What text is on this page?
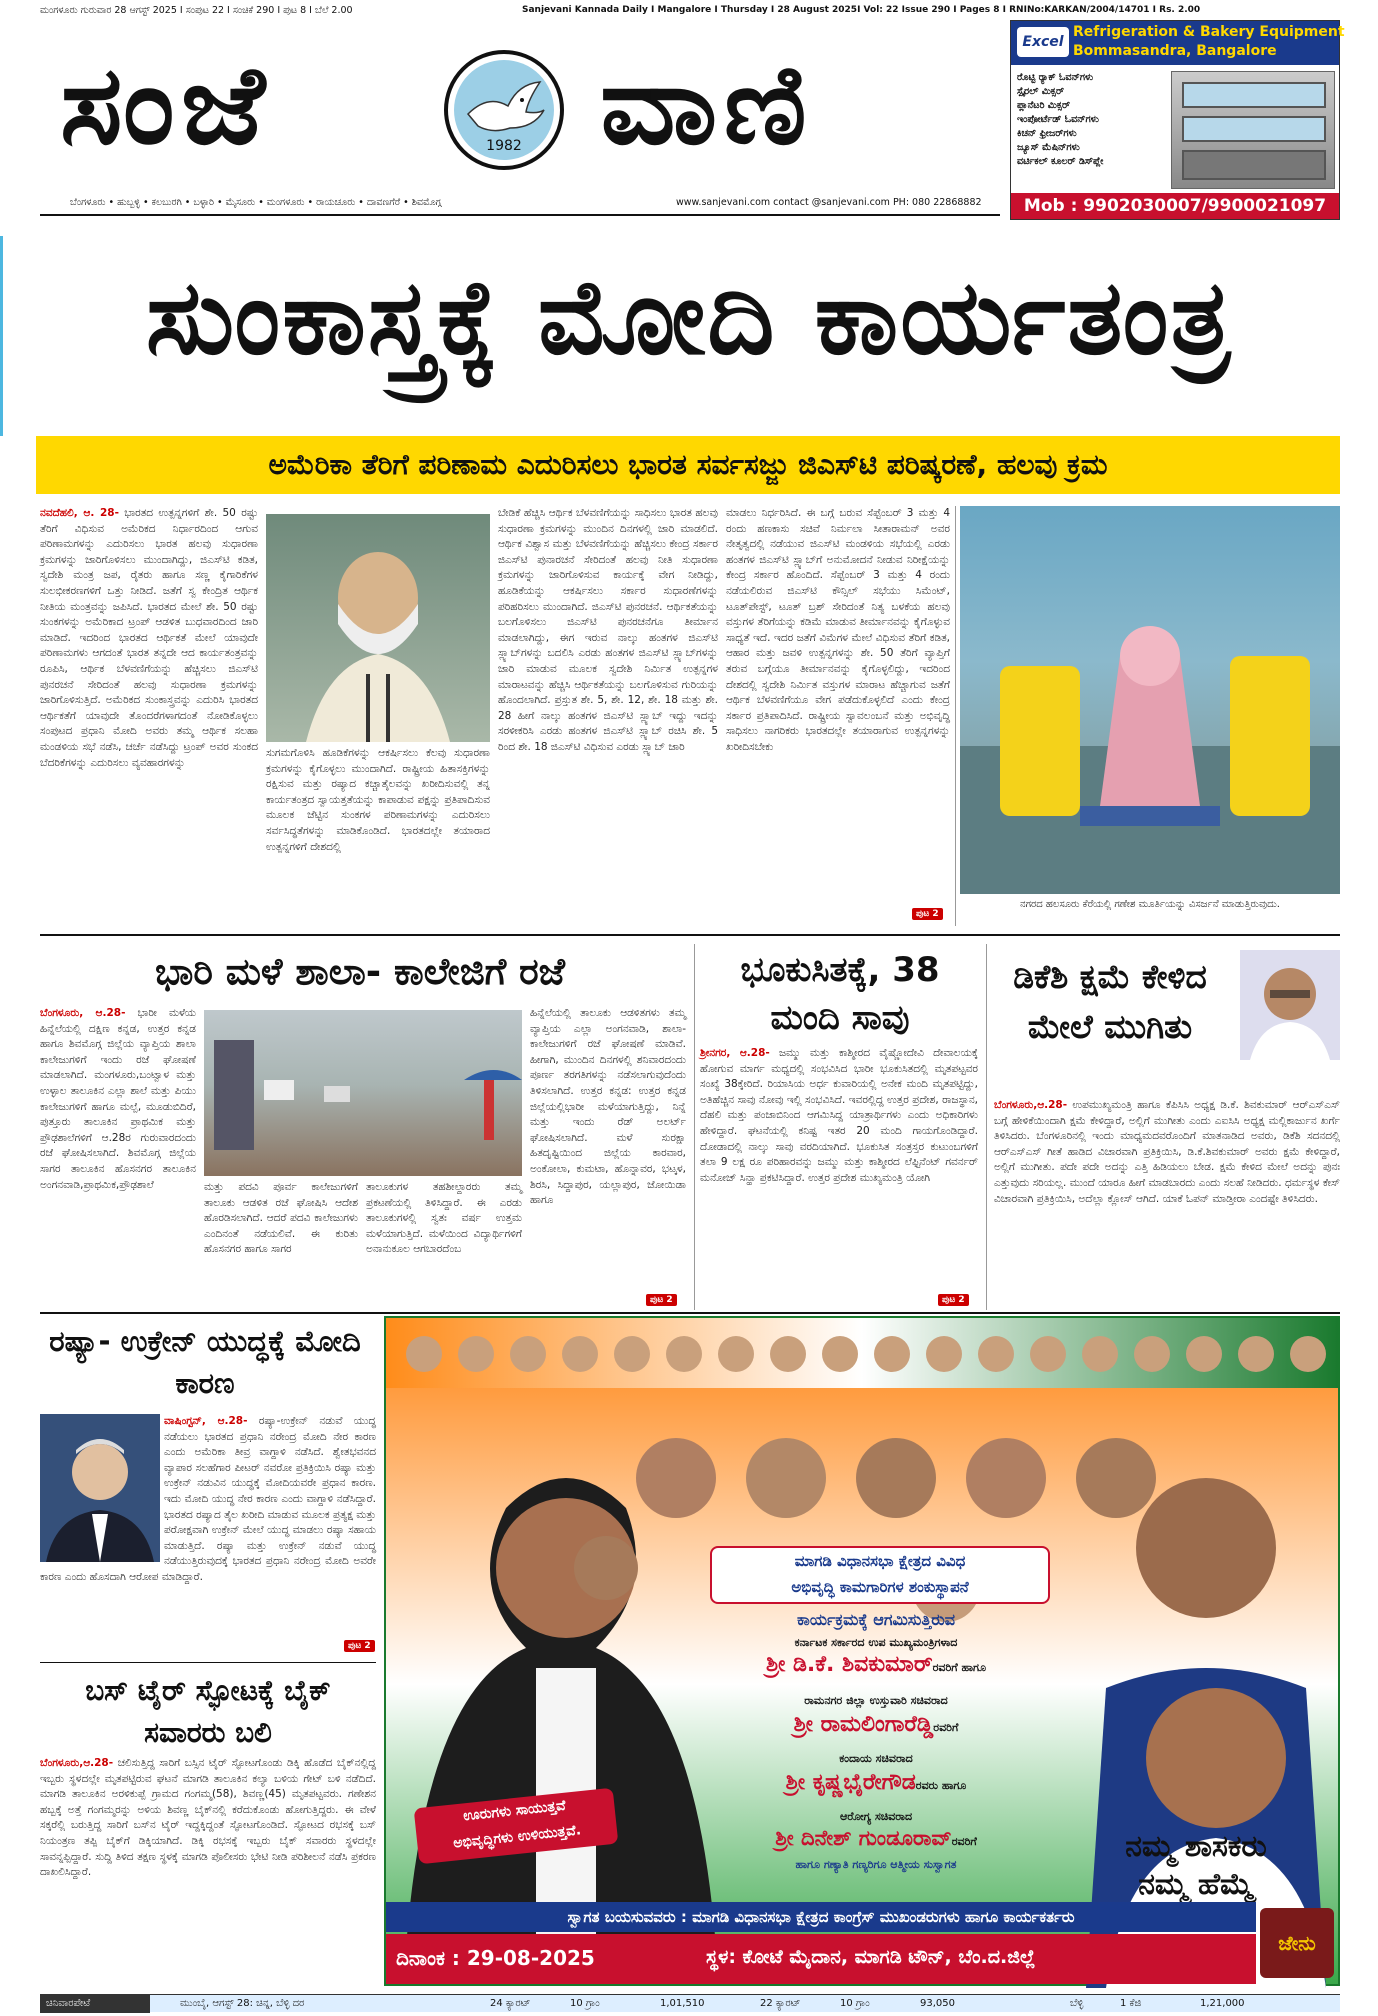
ಮಂಗಳೂರು ಗುರುವಾರ 28 ಆಗಸ್ಟ್ 2025 I ಸಂಪುಟ 22 I ಸಂಚಿಕೆ 290 I ಪುಟ 8 I ಬೆಲೆ 2.00	Sanjevani Kannada Daily I Mangalore I Thursday I 28 August 2025I Vol: 22 Issue 290 I Pages 8 I RNINo:KARKAN/2004/14701 I Rs. 2.00
ಸಂಜೆ	1982 ವಾಣಿ
ಬೆಂಗಳೂರು • ಹುಬ್ಬಳ್ಳಿ • ಕಲಬುರಗಿ • ಬಳ್ಳಾರಿ • ಮೈಸೂರು • ಮಂಗಳೂರು • ರಾಯಚೂರು • ದಾವಣಗೆರೆ • ಶಿವಮೊಗ್ಗ	www.sanjevani.com contact @sanjevani.com PH: 080 22868882
Excel
Refrigeration & Bakery Equipment
Bommasandra, Bangalore
ರೊಟ್ಟಿ ರ್‍ಯಾಕ್ ಓವನ್‌ಗಳು
ಸ್ಪೈರಲ್ ಮಿಕ್ಸರ್
ಪ್ಲಾನೆಟರಿ ಮಿಕ್ಸರ್
ಇಂಪೋರ್ಟೆಡ್ ಓವನ್‌ಗಳು
ಕಿಚನ್ ಫ್ರೀಜರ್‌ಗಳು
ಜ್ಯೂಸ್ ಮೆಷಿನ್‌ಗಳು
ವರ್ಟಿಕಲ್ ಕೂಲರ್ ಡಿಸ್‌ಪ್ಲೇ
Mob : 9902030007/9900021097
ಸುಂಕಾಸ್ತ್ರಕ್ಕೆ ಮೋದಿ ಕಾರ್ಯತಂತ್ರ
ಅಮೆರಿಕಾ ತೆರಿಗೆ ಪರಿಣಾಮ ಎದುರಿಸಲು ಭಾರತ ಸರ್ವಸಜ್ಜು ಜಿಎಸ್‌ಟಿ ಪರಿಷ್ಕರಣೆ, ಹಲವು ಕ್ರಮ
ನವದೆಹಲಿ, ಆ. 28- ಭಾರತದ ಉತ್ಪನ್ನಗಳಿಗೆ ಶೇ. 50 ರಷ್ಟು ತೆರಿಗೆ ವಿಧಿಸುವ ಅಮೆರಿಕದ ನಿರ್ಧಾರದಿಂದ ಆಗುವ ಪರಿಣಾಮಗಳನ್ನು ಎದುರಿಸಲು ಭಾರತ ಹಲವು ಸುಧಾರಣಾ ಕ್ರಮಗಳನ್ನು ಜಾರಿಗೊಳಿಸಲು ಮುಂದಾಗಿದ್ದು, ಜಿಎಸ್‌ಟಿ ಕಡಿತ, ಸ್ವದೇಶಿ ಮಂತ್ರ ಜಪ, ರೈತರು ಹಾಗೂ ಸಣ್ಣ ಕೈಗಾರಿಕೆಗಳ ಸುಲಭೀಕರಣಗಳಿಗೆ ಒತ್ತು ನೀಡಿದೆ. ಜತೆಗೆ ಸ್ವ ಕೇಂದ್ರಿತ ಆರ್ಥಿಕ ನೀತಿಯ ಮಂತ್ರವನ್ನು ಜಪಿಸಿದೆ. ಭಾರತದ ಮೇಲೆ ಶೇ. 50 ರಷ್ಟು ಸುಂಕಗಳನ್ನು ಅಮೆರಿಕಾದ ಟ್ರಂಪ್ ಆಡಳಿತ ಬುಧವಾರದಿಂದ ಜಾರಿ ಮಾಡಿದೆ. ಇದರಿಂದ ಭಾರತದ ಆರ್ಥಿಕತೆ ಮೇಲೆ ಯಾವುದೇ ಪರಿಣಾಮಗಳು ಆಗದಂತೆ ಭಾರತ ತನ್ನದೇ ಆದ ಕಾರ್ಯತಂತ್ರವನ್ನು ರೂಪಿಸಿ, ಆರ್ಥಿಕ ಬೆಳವಣಿಗೆಯನ್ನು ಹೆಚ್ಚಿಸಲು ಜಿಎಸ್‌ಟಿ ಪುನರಚನೆ ಸೇರಿದಂತೆ ಹಲವು ಸುಧಾರಣಾ ಕ್ರಮಗಳನ್ನು ಜಾರಿಗೊಳಿಸುತ್ತಿದೆ. ಅಮೆರಿಕದ ಸುಂಕಾಸ್ತ್ರವನ್ನು ಎದುರಿಸಿ ಭಾರತದ ಆರ್ಥಿಕತೆಗೆ ಯಾವುದೇ ತೊಂದರೆಗಳಾಗದಂತೆ ನೋಡಿಕೊಳ್ಳಲು ಸಂಪುಟದ ಪ್ರಧಾನಿ ಮೋದಿ ಅವರು ತಮ್ಮ ಆರ್ಥಿಕ ಸಲಹಾ ಮಂಡಳಿಯ ಸಭೆ ನಡೆಸಿ, ಚರ್ಚೆ ನಡೆಸಿದ್ದು ಟ್ರಂಪ್ ಅವರ ಸುಂಕದ ಬೆದರಿಕೆಗಳನ್ನು ಎದುರಿಸಲು ವ್ಯವಹಾರಗಳನ್ನು
ಸುಗಮಗೊಳಿಸಿ ಹೂಡಿಕೆಗಳನ್ನು ಆಕರ್ಷಿಸಲು ಕೆಲವು ಸುಧಾರಣಾ ಕ್ರಮಗಳನ್ನು ಕೈಗೊಳ್ಳಲು ಮುಂದಾಗಿದೆ. ರಾಷ್ಟ್ರೀಯ ಹಿತಾಸಕ್ತಿಗಳನ್ನು ರಕ್ಷಿಸುವ ಮತ್ತು ರಷ್ಯಾದ ಕಚ್ಚಾತೈಲವನ್ನು ಖರೀದಿಸುವಲ್ಲಿ ತನ್ನ ಕಾರ್ಯತಂತ್ರದ ಸ್ವಾಯತ್ತತೆಯನ್ನು ಕಾಪಾಡುವ ಪಕ್ಷನ್ನು ಪ್ರತಿಪಾದಿಸುವ ಮೂಲಕ ಜೆಟ್ಟಿನ ಸುಂಕಗಳ ಪರಿಣಾಮಗಳನ್ನು ಎದುರಿಸಲು ಸರ್ವಸಿದ್ಧತೆಗಳನ್ನು ಮಾಡಿಕೊಂಡಿದೆ. ಭಾರತದಲ್ಲೇ ತಯಾರಾದ ಉತ್ಪನ್ನಗಳಿಗೆ ದೇಶದಲ್ಲಿ
ಬೇಡಿಕೆ ಹೆಚ್ಚಿಸಿ ಆರ್ಥಿಕ ಬೆಳವಣಿಗೆಯನ್ನು ಸಾಧಿಸಲು ಭಾರತ ಹಲವು ಸುಧಾರಣಾ ಕ್ರಮಗಳನ್ನು ಮುಂದಿನ ದಿನಗಳಲ್ಲಿ ಜಾರಿ ಮಾಡಲಿದೆ. ಆರ್ಥಿಕ ವಿಶ್ವಾಸ ಮತ್ತು ಬೆಳವಣಿಗೆಯನ್ನು ಹೆಚ್ಚಿಸಲು ಕೇಂದ್ರ ಸರ್ಕಾರ ಜಿಎಸ್‌ಟಿ ಪುನಾರಚನೆ ಸೇರಿದಂತೆ ಹಲವು ನೀತಿ ಸುಧಾರಣಾ ಕ್ರಮಗಳನ್ನು ಜಾರಿಗೊಳಿಸುವ ಕಾರ್ಯಕ್ಕೆ ವೇಗ ನೀಡಿದ್ದು, ಹೂಡಿಕೆಯನ್ನು ಆಕರ್ಷಿಸಲು ಸರ್ಕಾರ ಸುಧಾರಣೆಗಳನ್ನು ಪರಿಹರಿಸಲು ಮುಂದಾಗಿದೆ. ಜಿಎಸ್‌ಟಿ ಪುನರಚನೆ. ಆರ್ಥಿಕತೆಯನ್ನು ಬಲಗೊಳಿಸಲು ಜಿಎಸ್‌ಟಿ ಪುನರಚನೆಗೂ ತೀರ್ಮಾನ ಮಾಡಲಾಗಿದ್ದು, ಈಗ ಇರುವ ನಾಲ್ಕು ಹಂತಗಳ ಜಿಎಸ್‌ಟಿ ಸ್ಲ್ಯಾಬ್‌ಗಳನ್ನು ಬದಲಿಸಿ ಎರಡು ಹಂತಗಳ ಜಿಎಸ್‌ಟಿ ಸ್ಲ್ಯಾಬ್‌ಗಳನ್ನು ಜಾರಿ ಮಾಡುವ ಮೂಲಕ ಸ್ವದೇಶಿ ನಿರ್ಮಿತ ಉತ್ಪನ್ನಗಳ ಮಾರಾಟವನ್ನು ಹೆಚ್ಚಿಸಿ ಆರ್ಥಿಕತೆಯನ್ನು ಬಲಗೊಳಿಸುವ ಗುರಿಯನ್ನು ಹೊಂದಲಾಗಿದೆ. ಪ್ರಸ್ತುತ ಶೇ. 5, ಶೇ. 12, ಶೇ. 18 ಮತ್ತು ಶೇ. 28 ಹೀಗೆ ನಾಲ್ಕು ಹಂತಗಳ ಜಿಎಸ್‌ಟಿ ಸ್ಲ್ಯಾಬ್ ಇದ್ದು ಇದನ್ನು ಸರಳೀಕರಿಸಿ ಎರಡು ಹಂತಗಳ ಜಿಎಸ್‌ಟಿ ಸ್ಲ್ಯಾಬ್ ರಚಿಸಿ ಶೇ. 5 ರಿಂದ ಶೇ. 18 ಜಿಎಸ್‌ಟಿ ವಿಧಿಸುವ ಎರಡು ಸ್ಲ್ಯಾಬ್ ಜಾರಿ
ಮಾಡಲು ನಿರ್ಧರಿಸಿದೆ. ಈ ಬಗ್ಗೆ ಬರುವ ಸೆಪ್ಟೆಂಬರ್ 3 ಮತ್ತು 4 ರಂದು ಹಣಕಾಸು ಸಚಿವೆ ನಿರ್ಮಲಾ ಸೀತಾರಾಮನ್ ಅವರ ನೇತೃತ್ವದಲ್ಲಿ ನಡೆಯುವ ಜಿಎಸ್‌ಟಿ ಮಂಡಳಿಯ ಸಭೆಯಲ್ಲಿ ಎರಡು ಹಂತಗಳ ಜಿಎಸ್‌ಟಿ ಸ್ಲ್ಯಾಬ್‌ಗೆ ಅನುಮೋದನೆ ನೀಡುವ ನಿರೀಕ್ಷೆಯನ್ನು ಕೇಂದ್ರ ಸರ್ಕಾರ ಹೊಂದಿದೆ. ಸೆಪ್ಟೆಂಬರ್ 3 ಮತ್ತು 4 ರಂದು ನಡೆಯಲಿರುವ ಜಿಎಸ್‌ಟಿ ಕೌನ್ಸಿಲ್ ಸಭೆಯು ಸಿಮೆಂಟ್, ಟೂತ್‌ಪೇಸ್ಟ್, ಟೂತ್ ಬ್ರಶ್ ಸೇರಿದಂತೆ ನಿತ್ಯ ಬಳಕೆಯ ಹಲವು ವಸ್ತುಗಳ ತೆರಿಗೆಯನ್ನು ಕಡಿಮೆ ಮಾಡುವ ತೀರ್ಮಾನವನ್ನು ಕೈಗೊಳ್ಳುವ ಸಾಧ್ಯತೆ ಇದೆ. ಇದರ ಜತೆಗೆ ವಿಮೆಗಳ ಮೇಲೆ ವಿಧಿಸುವ ತೆರಿಗೆ ಕಡಿತ, ಆಹಾರ ಮತ್ತು ಜವಳಿ ಉತ್ಪನ್ನಗಳನ್ನು ಶೇ. 50 ತೆರಿಗೆ ವ್ಯಾಪ್ತಿಗೆ ತರುವ ಬಗ್ಗೆಯೂ ತೀರ್ಮಾನವನ್ನು ಕೈಗೊಳ್ಳಲಿದ್ದು, ಇದರಿಂದ ದೇಶದಲ್ಲಿ ಸ್ವದೇಶಿ ನಿರ್ಮಿತ ವಸ್ತುಗಳ ಮಾರಾಟ ಹೆಚ್ಚಾಗುವ ಜತೆಗೆ ಆರ್ಥಿಕ ಬೆಳವಣಿಗೆಯೂ ವೇಗ ಪಡೆದುಕೊಳ್ಳಲಿದೆ ಎಂದು ಕೇಂದ್ರ ಸರ್ಕಾರ ಪ್ರತಿಪಾದಿಸಿದೆ. ರಾಷ್ಟ್ರೀಯ ಸ್ವಾವಲಂಬನೆ ಮತ್ತು ಅಭಿವೃದ್ಧಿ ಸಾಧಿಸಲು ನಾಗರಿಕರು ಭಾರತದಲ್ಲೇ ತಯಾರಾಗುವ ಉತ್ಪನ್ನಗಳನ್ನು ಖರೀದಿಸಬೇಕು
ಪುಟ 2
ನಗರದ ಹಲಸೂರು ಕೆರೆಯಲ್ಲಿ ಗಣೇಶ ಮೂರ್ತಿಯನ್ನು ವಿಸರ್ಜನೆ ಮಾಡುತ್ತಿರುವುದು.
ಭಾರಿ ಮಳೆ ಶಾಲಾ- ಕಾಲೇಜಿಗೆ ರಜೆ
ಬೆಂಗಳೂರು, ಆ.28- ಭಾರೀ ಮಳೆಯ ಹಿನ್ನೆಲೆಯಲ್ಲಿ ದಕ್ಷಿಣ ಕನ್ನಡ, ಉತ್ತರ ಕನ್ನಡ ಹಾಗೂ ಶಿವಮೊಗ್ಗ ಜಿಲ್ಲೆಯ ವ್ಯಾಪ್ತಿಯ ಶಾಲಾ ಕಾಲೇಜುಗಳಿಗೆ ಇಂದು ರಜೆ ಘೋಷಣೆ ಮಾಡಲಾಗಿದೆ. ಮಂಗಳೂರು,ಬಂಟ್ವಾಳ ಮತ್ತು ಉಳ್ಳಾಲ ತಾಲೂಕಿನ ಎಲ್ಲಾ ಶಾಲೆ ಮತ್ತು ಪಿಯು ಕಾಲೇಜುಗಳಿಗೆ ಹಾಗೂ ಮಲ್ಪೆ, ಮೂಡುಬಿದಿರೆ, ಪುತ್ತೂರು ತಾಲೂಕಿನ ಪ್ರಾಥಮಿಕ ಮತ್ತು ಪ್ರೌಢಶಾಲೆಗಳಿಗೆ ಆ.28ರ ಗುರುವಾರದಂದು ರಜೆ ಘೋಷಿಸಲಾಗಿದೆ. ಶಿವಮೊಗ್ಗ ಜಿಲ್ಲೆಯ ಸಾಗರ ತಾಲೂಕಿನ ಹೊಸನಗರ ತಾಲೂಕಿನ ಅಂಗನವಾಡಿ,ಪ್ರಾಥಮಿಕ,ಪ್ರೌಢಶಾಲೆ	ಮತ್ತು ಪದವಿ ಪೂರ್ವ ಕಾಲೇಜುಗಳಿಗೆ ತಾಲೂಕು ಆಡಳಿತ ರಜೆ ಘೋಷಿಸಿ ಆದೇಶ ಹೊರಡಿಸಲಾಗಿದೆ. ಆದರೆ ಪದವಿ ಕಾಲೇಜುಗಳು ಎಂದಿನಂತೆ ನಡೆಯಲಿವೆ. ಈ ಕುರಿತು ಹೊಸನಗರ ಹಾಗೂ ಸಾಗರ
ತಾಲೂಕುಗಳ ತಹಶೀಲ್ದಾರರು ತಮ್ಮ ಪ್ರಕಟಣೆಯಲ್ಲಿ ತಿಳಿಸಿದ್ದಾರೆ. ಈ ಎರಡು ತಾಲೂಕುಗಳಲ್ಲಿ ಸ್ವತಃ ವರ್ಷ ಉತ್ತಮ ಮಳೆಯಾಗುತ್ತಿದೆ. ಮಳೆಯಿಂದ ವಿದ್ಯಾರ್ಥಿಗಳಿಗೆ ಅನಾನುಕೂಲ ಆಗಬಾರದೆಂಬ
ಹಿನ್ನೆಲೆಯಲ್ಲಿ ತಾಲೂಕು ಆಡಳಿತಗಳು ತಮ್ಮ ವ್ಯಾಪ್ತಿಯ ಎಲ್ಲಾ ಅಂಗನವಾಡಿ, ಶಾಲಾ-ಕಾಲೇಜುಗಳಿಗೆ ರಜೆ ಘೋಷಣೆ ಮಾಡಿವೆ. ಹೀಗಾಗಿ, ಮುಂದಿನ ದಿನಗಳಲ್ಲಿ ಶನಿವಾರದಂದು ಪೂರ್ಣ ತರಗತಿಗಳನ್ನು ನಡೆಸಲಾಗುವುದೆಂದು ತಿಳಿಸಲಾಗಿದೆ. ಉತ್ತರ ಕನ್ನಡ: ಉತ್ತರ ಕನ್ನಡ ಜಿಲ್ಲೆಯಲ್ಲಿಭಾರೀ ಮಳೆಯಾಗುತ್ತಿದ್ದು, ನಿನ್ನೆ ಮತ್ತು ಇಂದು ರೆಡ್ ಅಲರ್ಟ್ ಘೋಷಿಸಲಾಗಿದೆ. ಮಳೆ ಸುರಕ್ಷಾ ಹಿತದೃಷ್ಟಿಯಿಂದ ಜಿಲ್ಲೆಯ ಕಾರವಾರ, ಅಂಕೋಲಾ, ಕುಮಟಾ, ಹೊನ್ನಾವರ, ಭಟ್ಕಳ, ಶಿರಸಿ, ಸಿದ್ದಾಪುರ, ಯಲ್ಲಾಪುರ, ಜೋಯಿಡಾ ಹಾಗೂ
ಪುಟ 2
ಭೂಕುಸಿತಕ್ಕೆ, 38 ಮಂದಿ ಸಾವು
ಶ್ರೀನಗರ, ಆ.28- ಜಮ್ಮು ಮತ್ತು ಕಾಶ್ಮೀರದ ವೈಷ್ಣೋದೇವಿ ದೇವಾಲಯಕ್ಕೆ ಹೋಗುವ ಮಾರ್ಗ ಮಧ್ಯದಲ್ಲಿ ಸಂಭವಿಸಿದ ಭಾರೀ ಭೂಕುಸಿತದಲ್ಲಿ ಮೃತಪಟ್ಟವರ ಸಂಖ್ಯೆ 38ಕ್ಕೇರಿದೆ. ರಿಯಾಸಿಯ ಅರ್ಧ ಕುವಾರಿಯಲ್ಲಿ ಅನೇಕ ಮಂದಿ ಮೃತಪಟ್ಟಿದ್ದು, ಅತಿಹೆಚ್ಚಿನ ಸಾವು ನೋವು ಇಲ್ಲಿ ಸಂಭವಿಸಿದೆ. ಇವರಲ್ಲಿದ್ದ ಉತ್ತರ ಪ್ರದೇಶ, ರಾಜಸ್ಥಾನ, ದೆಹಲಿ ಮತ್ತು ಪಂಜಾಬಿನಿಂದ ಆಗಮಿಸಿದ್ದ ಯಾತ್ರಾರ್ಥಿಗಳು ಎಂದು ಅಧಿಕಾರಿಗಳು ಹೇಳಿದ್ದಾರೆ. ಘಟನೆಯಲ್ಲಿ ಕನಿಷ್ಟ ಇತರ 20 ಮಂದಿ ಗಾಯಗೊಂಡಿದ್ದಾರೆ. ದೋಡಾದಲ್ಲಿ ನಾಲ್ಕು ಸಾವು ವರದಿಯಾಗಿದೆ. ಭೂಕುಸಿತ ಸಂತ್ರಸ್ತರ ಕುಟುಂಬಗಳಿಗೆ ತಲಾ 9 ಲಕ್ಷ ರೂ ಪರಿಹಾರವನ್ನು ಜಮ್ಮು ಮತ್ತು ಕಾಶ್ಮೀರದ ಲೆಫ್ಟಿನೆಂಟ್ ಗವರ್ನರ್ ಮನೋಜ್ ಸಿನ್ಹಾ ಪ್ರಕಟಿಸಿದ್ದಾರೆ. ಉತ್ತರ ಪ್ರದೇಶ ಮುಖ್ಯಮಂತ್ರಿ ಯೋಗಿ
ಪುಟ 2
ಡಿಕೆಶಿ ಕ್ಷಮೆ ಕೇಳಿದ ಮೇಲೆ ಮುಗಿತು
ಬೆಂಗಳೂರು,ಆ.28- ಉಪಮುಖ್ಯಮಂತ್ರಿ ಹಾಗೂ ಕೆಪಿಸಿಸಿ ಅಧ್ಯಕ್ಷ ಡಿ.ಕೆ. ಶಿವಕುಮಾರ್ ಆರ್‌ಎಸ್‌ಎಸ್ ಬಗ್ಗೆ ಹೇಳಿಕೆಯಿಂದಾಗಿ ಕ್ಷಮೆ ಕೇಳಿದ್ದಾರೆ, ಅಲ್ಲಿಗೆ ಮುಗೀತು ಎಂದು ಎಐಸಿಸಿ ಅಧ್ಯಕ್ಷ ಮಲ್ಲಿಕಾರ್ಜುನ ಖರ್ಗೆ ತಿಳಿಸಿದರು. ಬೆಂಗಳೂರಿನಲ್ಲಿ ಇಂದು ಮಾಧ್ಯಮದವರೊಂದಿಗೆ ಮಾತನಾಡಿದ ಅವರು, ಡಿಕೆಶಿ ಸದನದಲ್ಲಿ ಆರ್‌ಎಸ್‌ಎಸ್ ಗೀತೆ ಹಾಡಿದ ವಿಚಾರವಾಗಿ ಪ್ರತಿಕ್ರಿಯಿಸಿ, ಡಿ.ಕೆ.ಶಿವಕುಮಾರ್ ಅವರು ಕ್ಷಮೆ ಕೇಳಿದ್ದಾರೆ, ಅಲ್ಲಿಗೆ ಮುಗೀತು. ಪದೇ ಪದೇ ಅದನ್ನು ಎತ್ತಿ ಹಿಡಿಯಲು ಬೇಡ. ಕ್ಷಮೆ ಕೇಳಿದ ಮೇಲೆ ಅದನ್ನು ಪುನಃ ಎತ್ತುವುದು ಸರಿಯಲ್ಲ. ಮುಂದೆ ಯಾರೂ ಹೀಗೆ ಮಾಡಬಾರದು ಎಂದು ಸಲಹೆ ನೀಡಿದರು. ಧರ್ಮಸ್ಥಳ ಕೇಸ್ ವಿಚಾರವಾಗಿ ಪ್ರತಿಕ್ರಿಯಿಸಿ, ಅದೆಲ್ಲಾ ಕ್ಲೋಸ್ ಆಗಿದೆ. ಯಾಕೆ ಓಪನ್ ಮಾಡ್ತೀರಾ ಎಂದಷ್ಟೇ ತಿಳಿಸಿದರು.
ರಷ್ಯಾ- ಉಕ್ರೇನ್ ಯುದ್ಧಕ್ಕೆ ಮೋದಿ ಕಾರಣ
ವಾಷಿಂಗ್ಟನ್, ಆ.28- ರಷ್ಯಾ-ಉಕ್ರೇನ್ ನಡುವೆ ಯುದ್ಧ ನಡೆಯಲು ಭಾರತದ ಪ್ರಧಾನಿ ನರೇಂದ್ರ ಮೋದಿ ನೇರ ಕಾರಣ ಎಂದು ಅಮೆರಿಕಾ ತೀವ್ರ ವಾಗ್ದಾಳಿ ನಡೆಸಿದೆ. ಶ್ವೇತಭವನದ ವ್ಯಾಪಾರ ಸಲಹೆಗಾರ ಪೀಟರ್ ನವರೋ ಪ್ರತಿಕ್ರಿಯಿಸಿ ರಷ್ಯಾ ಮತ್ತು ಉಕ್ರೇನ್ ನಡುವಿನ ಯುದ್ಧಕ್ಕೆ ಮೋದಿಯವರೇ ಪ್ರಧಾನ ಕಾರಣ. ಇದು ಮೋದಿ ಯುದ್ಧ ನೇರ ಕಾರಣ ಎಂದು ವಾಗ್ದಾಳಿ ನಡೆಸಿದ್ದಾರೆ. ಭಾರತದ ರಷ್ಯಾದ ತೈಲ ಖರೀದಿ ಮಾಡುವ ಮೂಲಕ ಪ್ರತ್ಯಕ್ಷ ಮತ್ತು ಪರೋಕ್ಷವಾಗಿ ಉಕ್ರೇನ್ ಮೇಲೆ ಯುದ್ಧ ಮಾಡಲು ರಷ್ಯಾ ಸಹಾಯ ಮಾಡುತ್ತಿದೆ. ರಷ್ಯಾ ಮತ್ತು ಉಕ್ರೇನ್ ನಡುವೆ ಯುದ್ಧ ನಡೆಯುತ್ತಿರುವುದಕ್ಕೆ ಭಾರತದ ಪ್ರಧಾನಿ ನರೇಂದ್ರ ಮೋದಿ ಅವರೇ ಕಾರಣ ಎಂದು ಹೊಸದಾಗಿ ಆರೋಪ ಮಾಡಿದ್ದಾರೆ.
ಪುಟ 2
ಬಸ್ ಟೈರ್ ಸ್ಫೋಟಕ್ಕೆ ಬೈಕ್ ಸವಾರರು ಬಲಿ
ಬೆಂಗಳೂರು,ಆ.28- ಚಲಿಸುತ್ತಿದ್ದ ಸಾರಿಗೆ ಬಸ್ಸಿನ ಟೈರ್ ಸ್ಫೋಟಗೊಂಡು ಡಿಕ್ಕಿ ಹೊಡೆದ ಬೈಕ್‌ನಲ್ಲಿದ್ದ ಇಬ್ಬರು ಸ್ಥಳದಲ್ಲೇ ಮೃತಪಟ್ಟಿರುವ ಘಟನೆ ಮಾಗಡಿ ತಾಲೂಕಿನ ಕಲ್ಯಾ ಬಳಿಯ ಗೇಟ್ ಬಳಿ ನಡೆದಿದೆ. ಮಾಗಡಿ ತಾಲೂಕಿನ ಅರಳಿಕುಪ್ಪೆ ಗ್ರಾಮದ ಗಂಗಮ್ಮ(58), ಶಿವಣ್ಣ(45) ಮೃತಪಟ್ಟವರು. ಗಣೇಶನ ಹಬ್ಬಕ್ಕೆ ಅತ್ತೆ ಗಂಗಮ್ಮರನ್ನು ಅಳಿಯ ಶಿವಣ್ಣ ಬೈಕ್‌ನಲ್ಲಿ ಕರೆದುಕೊಂಡು ಹೋಗುತ್ತಿದ್ದರು. ಈ ವೇಳೆ ಸಕ್ಕರೆಲ್ಲಿ ಬರುತ್ತಿದ್ದ ಸಾರಿಗೆ ಬಸ್‌ನ ಟೈರ್ ಇದ್ದಕ್ಕಿದ್ದಂತೆ ಸ್ಫೋಟಗೊಂಡಿದೆ. ಸ್ಫೋಟದ ರಭಸಕ್ಕೆ ಬಸ್ ನಿಯಂತ್ರಣ ತಪ್ಪಿ ಬೈಕ್‌ಗೆ ಡಿಕ್ಕಿಯಾಗಿದೆ. ಡಿಕ್ಕಿ ರಭಸಕ್ಕೆ ಇಬ್ಬರು ಬೈಕ್ ಸವಾರರು ಸ್ಥಳದಲ್ಲೇ ಸಾವನ್ನಪ್ಪಿದ್ದಾರೆ. ಸುದ್ದಿ ತಿಳಿದ ತಕ್ಷಣ ಸ್ಥಳಕ್ಕೆ ಮಾಗಡಿ ಪೊಲೀಸರು ಭೇಟಿ ನೀಡಿ ಪರಿಶೀಲನೆ ನಡೆಸಿ ಪ್ರಕರಣ ದಾಖಲಿಸಿದ್ದಾರೆ.
ಮಾಗಡಿ ವಿಧಾನಸಭಾ ಕ್ಷೇತ್ರದ ವಿವಿಧ
ಅಭಿವೃದ್ಧಿ ಕಾಮಗಾರಿಗಳ ಶಂಕುಸ್ಥಾಪನೆ
ಕಾರ್ಯಕ್ರಮಕ್ಕೆ ಆಗಮಿಸುತ್ತಿರುವ
ಕರ್ನಾಟಕ ಸರ್ಕಾರದ ಉಪ ಮುಖ್ಯಮಂತ್ರಿಗಳಾದ
ಶ್ರೀ ಡಿ.ಕೆ. ಶಿವಕುಮಾರ್ರವರಿಗೆ ಹಾಗೂ
ರಾಮನಗರ ಜಿಲ್ಲಾ ಉಸ್ತುವಾರಿ ಸಚಿವರಾದ
ಶ್ರೀ ರಾಮಲಿಂಗಾರೆಡ್ಡಿರವರಿಗೆ
ಕಂದಾಯ ಸಚಿವರಾದ
ಶ್ರೀ ಕೃಷ್ಣಭೈರೇಗೌಡರವರು ಹಾಗೂ
ಆರೋಗ್ಯ ಸಚಿವರಾದ
ಶ್ರೀ ದಿನೇಶ್ ಗುಂಡೂರಾವ್ರವರಿಗೆ
ಹಾಗೂ ಗಣ್ಯಾತಿ ಗಣ್ಯರಿಗೂ ಆತ್ಮೀಯ ಸುಸ್ವಾಗತ
ಊರುಗಳು ಸಾಯುತ್ತವೆ
ಅಭಿವೃದ್ಧಿಗಳು ಉಳಿಯುತ್ತವೆ.	ನಮ್ಮ ಶಾಸಕರು
ನಮ್ಮ ಹೆಮ್ಮೆ
ಸ್ವಾಗತ ಬಯಸುವವರು : ಮಾಗಡಿ ವಿಧಾನಸಭಾ ಕ್ಷೇತ್ರದ ಕಾಂಗ್ರೆಸ್ ಮುಖಂಡರುಗಳು ಹಾಗೂ ಕಾರ್ಯಕರ್ತರು
ದಿನಾಂಕ : 29-08-2025	ಸ್ಥಳ: ಕೋಟೆ ಮೈದಾನ, ಮಾಗಡಿ ಟೌನ್, ಬೆಂ.ದ.ಜಿಲ್ಲೆ
ಜೇನು
ಚಿನಿವಾರಪೇಟೆ	ಮುಂಬೈ, ಆಗಸ್ಟ್ 28: ಚಿನ್ನ, ಬೆಳ್ಳಿ ದರ	24 ಕ್ಯಾರಟ್	10 ಗ್ರಾಂ	1,01,510	22 ಕ್ಯಾರಟ್	10 ಗ್ರಾಂ	93,050	ಬೆಳ್ಳಿ	1 ಕೆಜಿ	1,21,000
